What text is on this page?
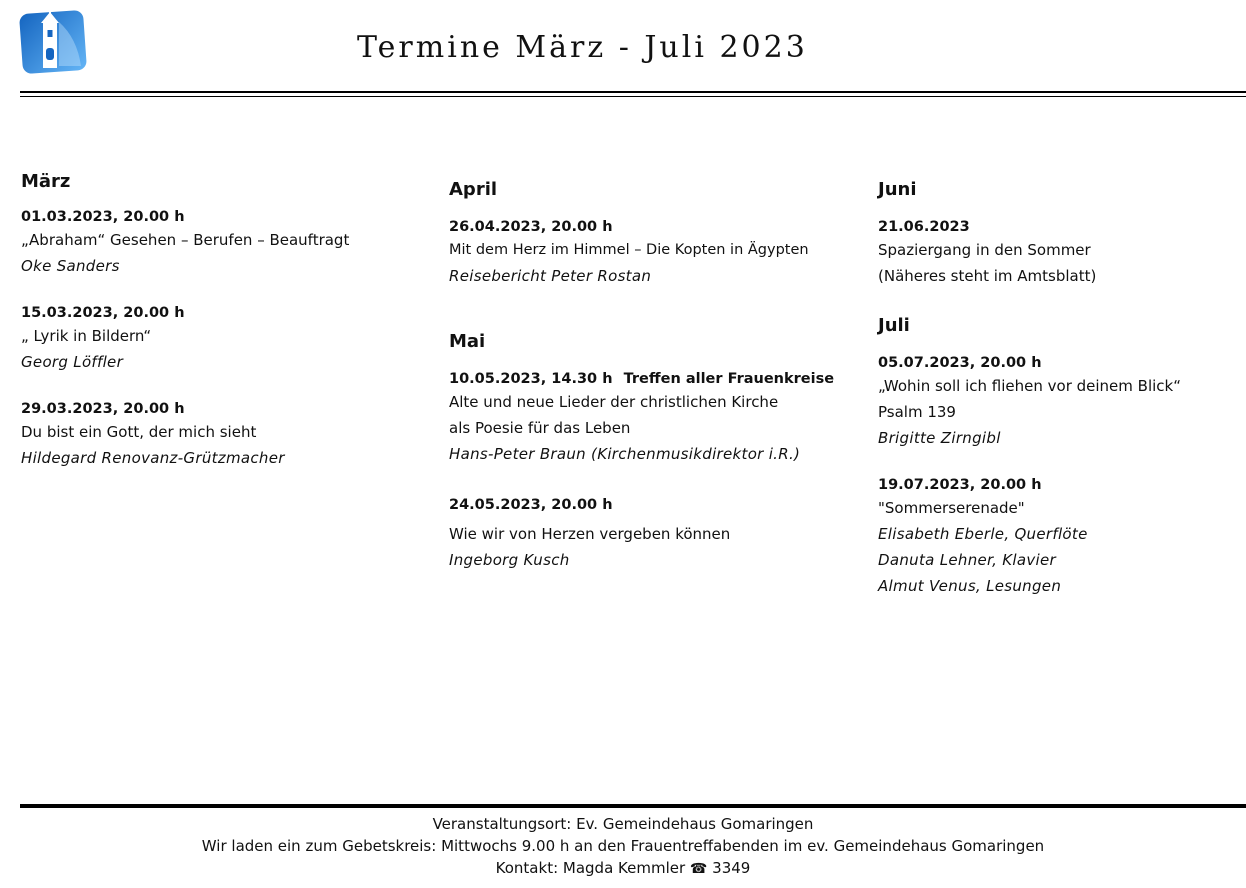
Termine März - Juli 2023
März
01.03.2023, 20.00 h
„Abraham“ Gesehen – Berufen – Beauftragt
Oke Sanders
15.03.2023, 20.00 h
„ Lyrik in Bildern“
Georg Löffler
29.03.2023, 20.00 h
Du bist ein Gott, der mich sieht
Hildegard Renovanz-Grützmacher
April
26.04.2023, 20.00 h
Mit dem Herz im Himmel – Die Kopten in Ägypten
Reisebericht Peter Rostan
Mai
10.05.2023, 14.30 h Treffen aller Frauenkreise
Alte und neue Lieder der christlichen Kirche
als Poesie für das Leben
Hans-Peter Braun (Kirchenmusikdirektor i.R.)
24.05.2023, 20.00 h
Wie wir von Herzen vergeben können
Ingeborg Kusch
Juni
21.06.2023
Spaziergang in den Sommer
(Näheres steht im Amtsblatt)
Juli
05.07.2023, 20.00 h
„Wohin soll ich fliehen vor deinem Blick“
Psalm 139
Brigitte Zirngibl
19.07.2023, 20.00 h
"Sommerserenade"
Elisabeth Eberle, Querflöte
Danuta Lehner, Klavier
Almut Venus, Lesungen
Veranstaltungsort: Ev. Gemeindehaus Gomaringen
Wir laden ein zum Gebetskreis: Mittwochs 9.00 h an den Frauentreffabenden im ev. Gemeindehaus Gomaringen
Kontakt: Magda Kemmler ☎ 3349
